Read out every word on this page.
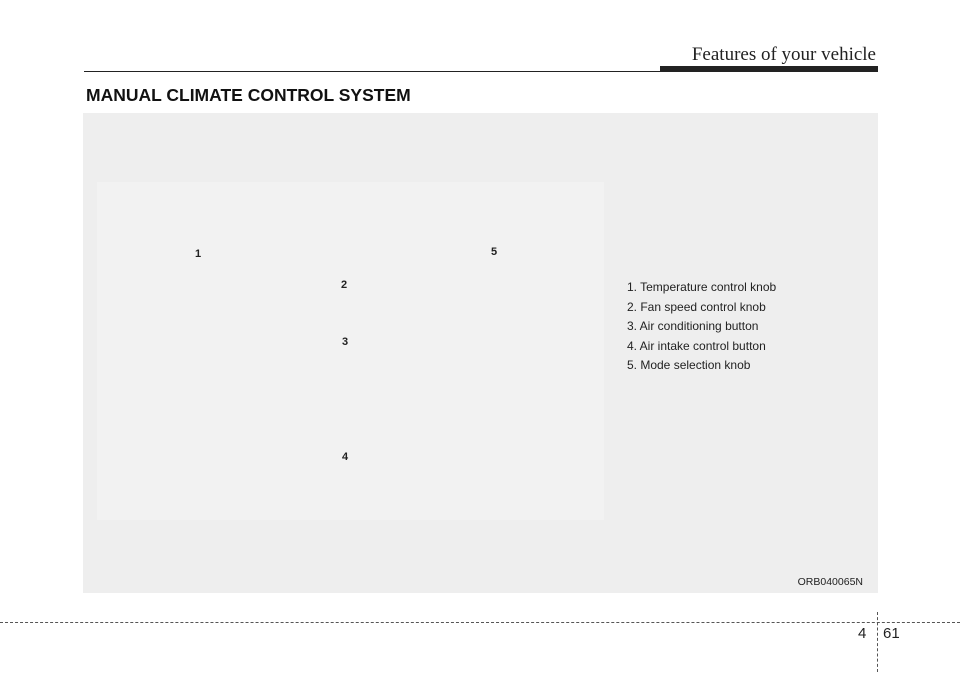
Features of your vehicle
MANUAL CLIMATE CONTROL SYSTEM
1
2
3
4
5
1. Temperature control knob
2. Fan speed control knob
3. Air conditioning button
4. Air intake control button
5. Mode selection knob
ORB040065N
4 61
